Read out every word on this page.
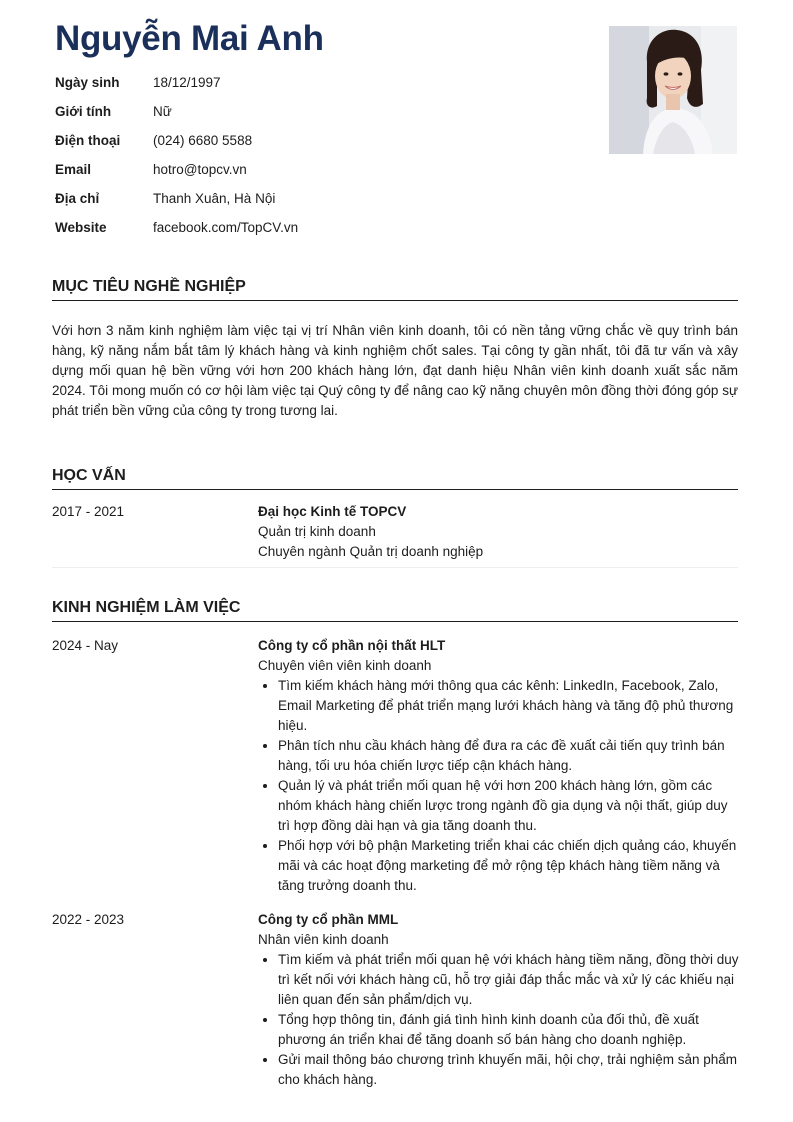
Nguyễn Mai Anh
Ngày sinh	18/12/1997
Giới tính	Nữ
Điện thoại	(024) 6680 5588
Email	hotro@topcv.vn
Địa chỉ	Thanh Xuân, Hà Nội
Website	facebook.com/TopCV.vn
MỤC TIÊU NGHỀ NGHIỆP

Với hơn 3 năm kinh nghiệm làm việc tại vị trí Nhân viên kinh doanh, tôi có nền tảng vững chắc về quy trình bán hàng, kỹ năng nắm bắt tâm lý khách hàng và kinh nghiệm chốt sales. Tại công ty gần nhất, tôi đã tư vấn và xây dựng mối quan hệ bền vững với hơn 200 khách hàng lớn, đạt danh hiệu Nhân viên kinh doanh xuất sắc năm 2024. Tôi mong muốn có cơ hội làm việc tại Quý công ty để nâng cao kỹ năng chuyên môn đồng thời đóng góp sự phát triển bền vững của công ty trong tương lai.

HỌC VẤN
2017 - 2021	Đại học Kinh tế TOPCV
Quản trị kinh doanh
Chuyên ngành Quản trị doanh nghiệp
KINH NGHIỆM LÀM VIỆC
2024 - Nay	Công ty cổ phần nội thất HLT
Chuyên viên viên kinh doanh
• Tìm kiếm khách hàng mới thông qua các kênh: LinkedIn, Facebook, Zalo, Email Marketing để phát triển mạng lưới khách hàng và tăng độ phủ thương hiệu.
• Phân tích nhu cầu khách hàng để đưa ra các đề xuất cải tiến quy trình bán hàng, tối ưu hóa chiến lược tiếp cận khách hàng.
• Quản lý và phát triển mối quan hệ với hơn 200 khách hàng lớn, gồm các nhóm khách hàng chiến lược trong ngành đồ gia dụng và nội thất, giúp duy trì hợp đồng dài hạn và gia tăng doanh thu.
• Phối hợp với bộ phận Marketing triển khai các chiến dịch quảng cáo, khuyến mãi và các hoạt động marketing để mở rộng tệp khách hàng tiềm năng và tăng trưởng doanh thu.
2022 - 2023	Công ty cổ phần MML
Nhân viên kinh doanh
• Tìm kiếm và phát triển mối quan hệ với khách hàng tiềm năng, đồng thời duy trì kết nối với khách hàng cũ, hỗ trợ giải đáp thắc mắc và xử lý các khiếu nại liên quan đến sản phẩm/dịch vụ.
• Tổng hợp thông tin, đánh giá tình hình kinh doanh của đối thủ, đề xuất phương án triển khai để tăng doanh số bán hàng cho doanh nghiệp.
• Gửi mail thông báo chương trình khuyến mãi, hội chợ, trải nghiệm sản phẩm cho khách hàng.
